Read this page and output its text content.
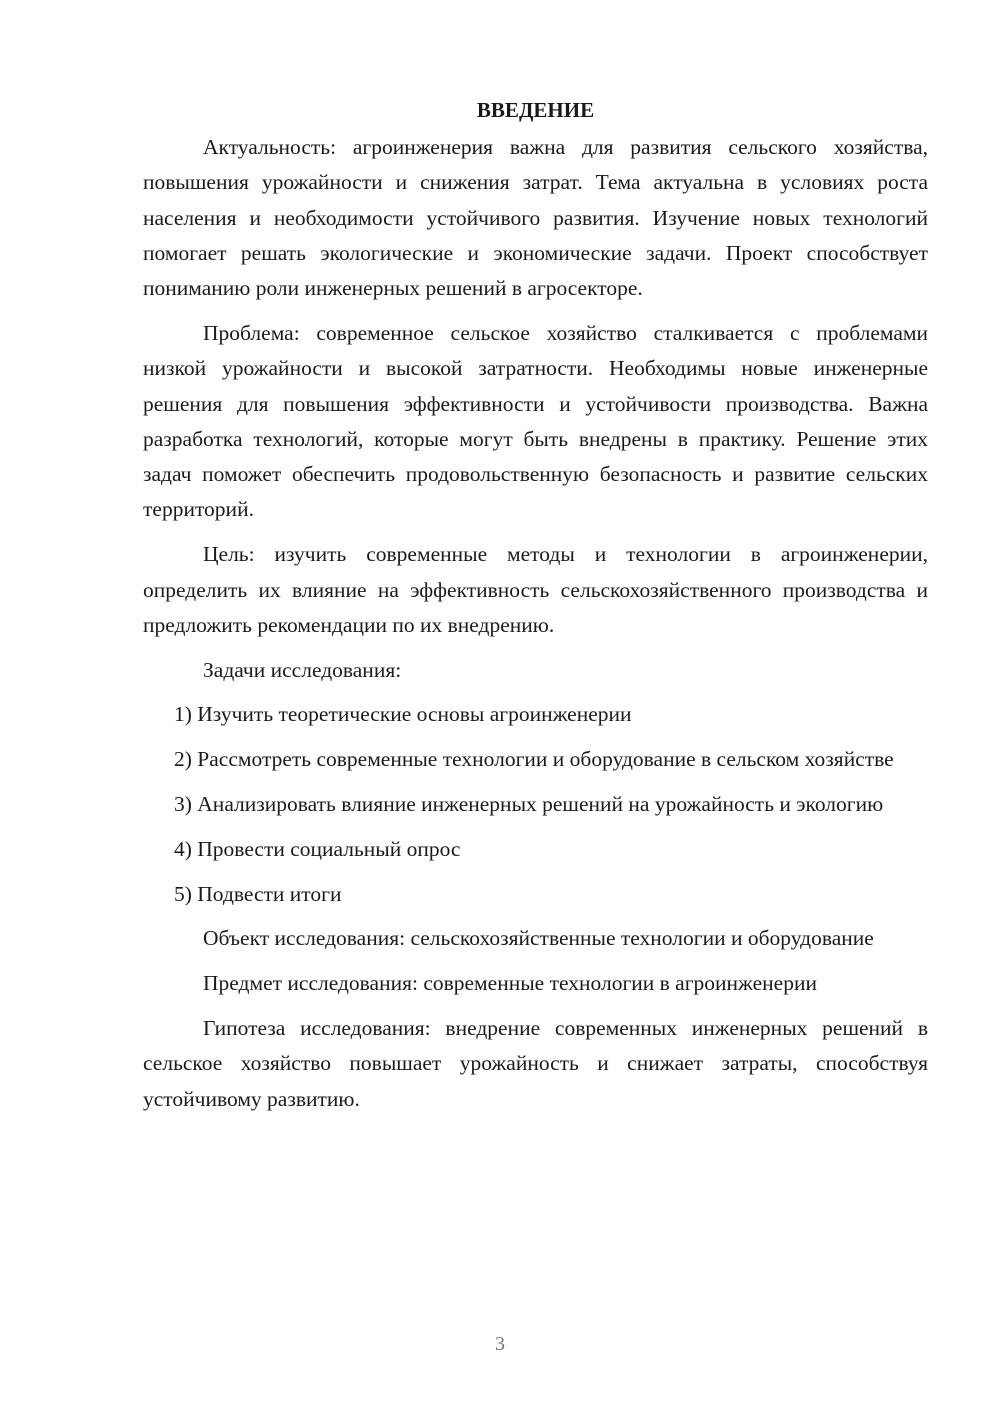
ВВЕДЕНИЕ

Актуальность: агроинженерия важна для развития сельского хозяйства, повышения урожайности и снижения затрат. Тема актуальна в условиях роста населения и необходимости устойчивого развития. Изучение новых технологий помогает решать экологические и экономические задачи. Проект способствует пониманию роли инженерных решений в агросекторе.

Проблема: современное сельское хозяйство сталкивается с проблемами низкой урожайности и высокой затратности. Необходимы новые инженерные решения для повышения эффективности и устойчивости производства. Важна разработка технологий, которые могут быть внедрены в практику. Решение этих задач поможет обеспечить продовольственную безопасность и развитие сельских территорий.

Цель: изучить современные методы и технологии в агроинженерии, определить их влияние на эффективность сельскохозяйственного производства и предложить рекомендации по их внедрению.

Задачи исследования:

1) Изучить теоретические основы агроинженерии

2) Рассмотреть современные технологии и оборудование в сельском хозяйстве

3) Анализировать влияние инженерных решений на урожайность и экологию

4) Провести социальный опрос

5) Подвести итоги

Объект исследования: сельскохозяйственные технологии и оборудование

Предмет исследования: современные технологии в агроинженерии

Гипотеза исследования: внедрение современных инженерных решений в сельское хозяйство повышает урожайность и снижает затраты, способствуя устойчивому развитию.

3
